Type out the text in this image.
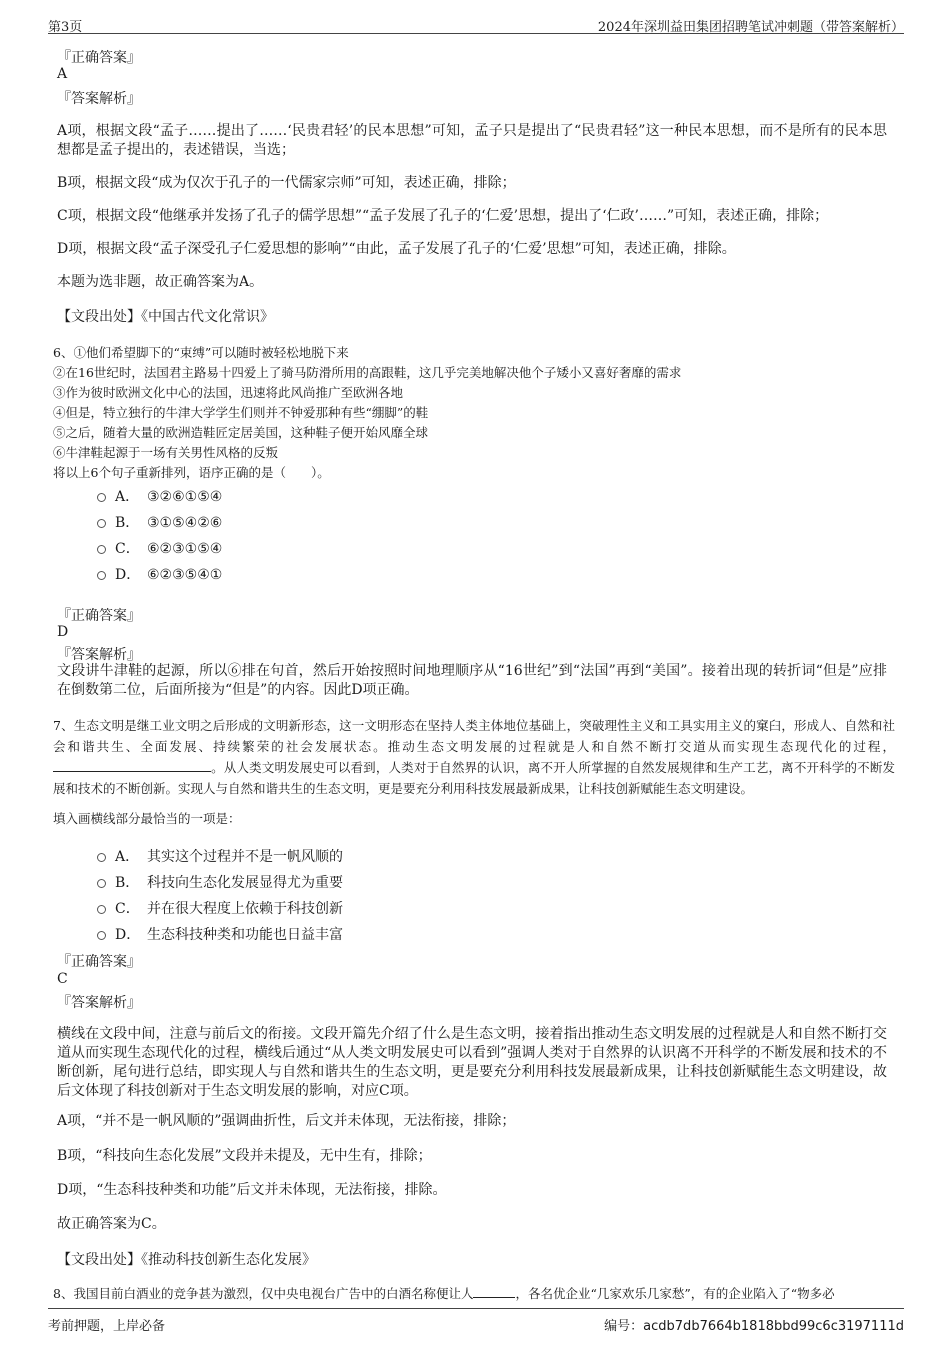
第3页	2024年深圳益田集团招聘笔试冲刺题（带答案解析）
『正确答案』
A
『答案解析』
A项，根据文段“孟子……提出了……‘民贵君轻’的民本思想”可知，孟子只是提出了“民贵君轻”这一种民本思想，而不是所有的民本思想都是孟子提出的，表述错误，当选；
B项，根据文段“成为仅次于孔子的一代儒家宗师”可知，表述正确，排除；
C项，根据文段“他继承并发扬了孔子的儒学思想”“孟子发展了孔子的‘仁爱’思想，提出了‘仁政’……”可知，表述正确，排除；
D项，根据文段“孟子深受孔子仁爱思想的影响”“由此，孟子发展了孔子的‘仁爱’思想”可知，表述正确，排除。
本题为选非题，故正确答案为A。
【文段出处】《中国古代文化常识》
6、①他们希望脚下的“束缚”可以随时被轻松地脱下来
②在16世纪时，法国君主路易十四爱上了骑马防滑所用的高跟鞋，这几乎完美地解决他个子矮小又喜好奢靡的需求
③作为彼时欧洲文化中心的法国，迅速将此风尚推广至欧洲各地
④但是，特立独行的牛津大学学生们则并不钟爱那种有些“绷脚”的鞋
⑤之后，随着大量的欧洲造鞋匠定居美国，这种鞋子便开始风靡全球
⑥牛津鞋起源于一场有关男性风格的反叛
将以上6个句子重新排列，语序正确的是（　　）。
A． ③②⑥①⑤④
B． ③①⑤④②⑥
C． ⑥②③①⑤④
D． ⑥②③⑤④①
『正确答案』
D
『答案解析』
文段讲牛津鞋的起源，所以⑥排在句首，然后开始按照时间地理顺序从“16世纪”到“法国”再到“美国”。接着出现的转折词“但是”应排在倒数第二位，后面所接为“但是”的内容。因此D项正确。
7、生态文明是继工业文明之后形成的文明新形态，这一文明形态在坚持人类主体地位基础上，突破理性主义和工具实用主义的窠臼，形成人、自然和社会和谐共生、全面发展、持续繁荣的社会发展状态。推动生态文明发展的过程就是人和自然不断打交道从而实现生态现代化的过程，。从人类文明发展史可以看到，人类对于自然界的认识，离不开人所掌握的自然发展规律和生产工艺，离不开科学的不断发展和技术的不断创新。实现人与自然和谐共生的生态文明，更是要充分利用科技发展最新成果，让科技创新赋能生态文明建设。
填入画横线部分最恰当的一项是：
A． 其实这个过程并不是一帆风顺的
B． 科技向生态化发展显得尤为重要
C． 并在很大程度上依赖于科技创新
D． 生态科技种类和功能也日益丰富
『正确答案』
C
『答案解析』
横线在文段中间，注意与前后文的衔接。文段开篇先介绍了什么是生态文明，接着指出推动生态文明发展的过程就是人和自然不断打交道从而实现生态现代化的过程，横线后通过“从人类文明发展史可以看到”强调人类对于自然界的认识离不开科学的不断发展和技术的不断创新，尾句进行总结，即实现人与自然和谐共生的生态文明，更是要充分利用科技发展最新成果，让科技创新赋能生态文明建设，故后文体现了科技创新对于生态文明发展的影响，对应C项。
A项，“并不是一帆风顺的”强调曲折性，后文并未体现，无法衔接，排除；
B项，“科技向生态化发展”文段并未提及，无中生有，排除；
D项，“生态科技种类和功能”后文并未体现，无法衔接，排除。
故正确答案为C。
【文段出处】《推动科技创新生态化发展》
8、我国目前白酒业的竞争甚为激烈，仅中央电视台广告中的白酒名称便让人	，各名优企业“几家欢乐几家愁”，有的企业陷入了“物多必
考前押题，上岸必备	编号：acdb7db7664b1818bbd99c6c3197111d
